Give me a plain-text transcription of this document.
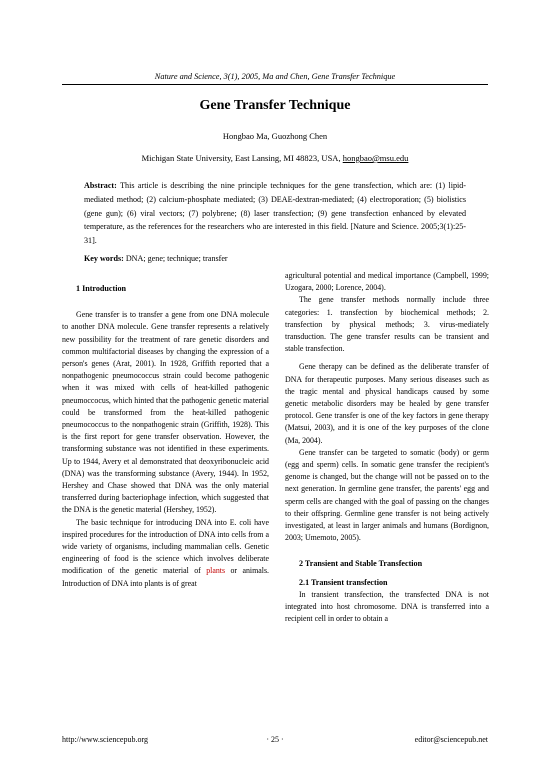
Nature and Science, 3(1), 2005, Ma and Chen, Gene Transfer Technique
Gene Transfer Technique
Hongbao Ma, Guozhong Chen
Michigan State University, East Lansing, MI 48823, USA, hongbao@msu.edu
Abstract: This article is describing the nine principle techniques for the gene transfection, which are: (1) lipid-mediated method; (2) calcium-phosphate mediated; (3) DEAE-dextran-mediated; (4) electroporation; (5) biolistics (gene gun); (6) viral vectors; (7) polybrene; (8) laser transfection; (9) gene transfection enhanced by elevated temperature, as the references for the researchers who are interested in this field. [Nature and Science. 2005;3(1):25-31].
Key words: DNA; gene; technique; transfer

1 Introduction

Gene transfer is to transfer a gene from one DNA molecule to another DNA molecule. Gene transfer represents a relatively new possibility for the treatment of rare genetic disorders and common multifactorial diseases by changing the expression of a person's genes (Arat, 2001). In 1928, Griffith reported that a nonpathogenic pneumococcus strain could become pathogenic when it was mixed with cells of heat-killed pathogenic pneumoccocus, which hinted that the pathogenic genetic material could be transformed from the heat-killed pathogenic pneumococcus to the nonpathogenic strain (Griffith, 1928). This is the first report for gene transfer observation. However, the transforming substance was not identified in these experiments. Up to 1944, Avery et al demonstrated that deoxyribonucleic acid (DNA) was the transforming substance (Avery, 1944). In 1952, Hershey and Chase showed that DNA was the only material transferred during bacteriophage infection, which suggested that the DNA is the genetic material (Hershey, 1952).

The basic technique for introducing DNA into E. coli have inspired procedures for the introduction of DNA into cells from a wide variety of organisms, including mammalian cells. Genetic engineering of food is the science which involves deliberate modification of the genetic material of plants or animals. Introduction of DNA into plants is of great

agricultural potential and medical importance (Campbell, 1999; Uzogara, 2000; Lorence, 2004).

The gene transfer methods normally include three categories: 1. transfection by biochemical methods; 2. transfection by physical methods; 3. virus-mediately transduction. The gene transfer results can be transient and stable transfection.

Gene therapy can be defined as the deliberate transfer of DNA for therapeutic purposes. Many serious diseases such as the tragic mental and physical handicaps caused by some genetic metabolic disorders may be healed by gene transfer protocol. Gene transfer is one of the key factors in gene therapy (Matsui, 2003), and it is one of the key purposes of the clone (Ma, 2004).

Gene transfer can be targeted to somatic (body) or germ (egg and sperm) cells. In somatic gene transfer the recipient's genome is changed, but the change will not be passed on to the next generation. In germline gene transfer, the parents' egg and sperm cells are changed with the goal of passing on the changes to their offspring. Germline gene transfer is not being actively investigated, at least in larger animals and humans (Bordignon, 2003; Umemoto, 2005).

2 Transient and Stable Transfection

2.1 Transient transfection

In transient transfection, the transfected DNA is not integrated into host chromosome. DNA is transferred into a recipient cell in order to obtain a

http://www.sciencepub.org	· 25 ·	editor@sciencepub.net
